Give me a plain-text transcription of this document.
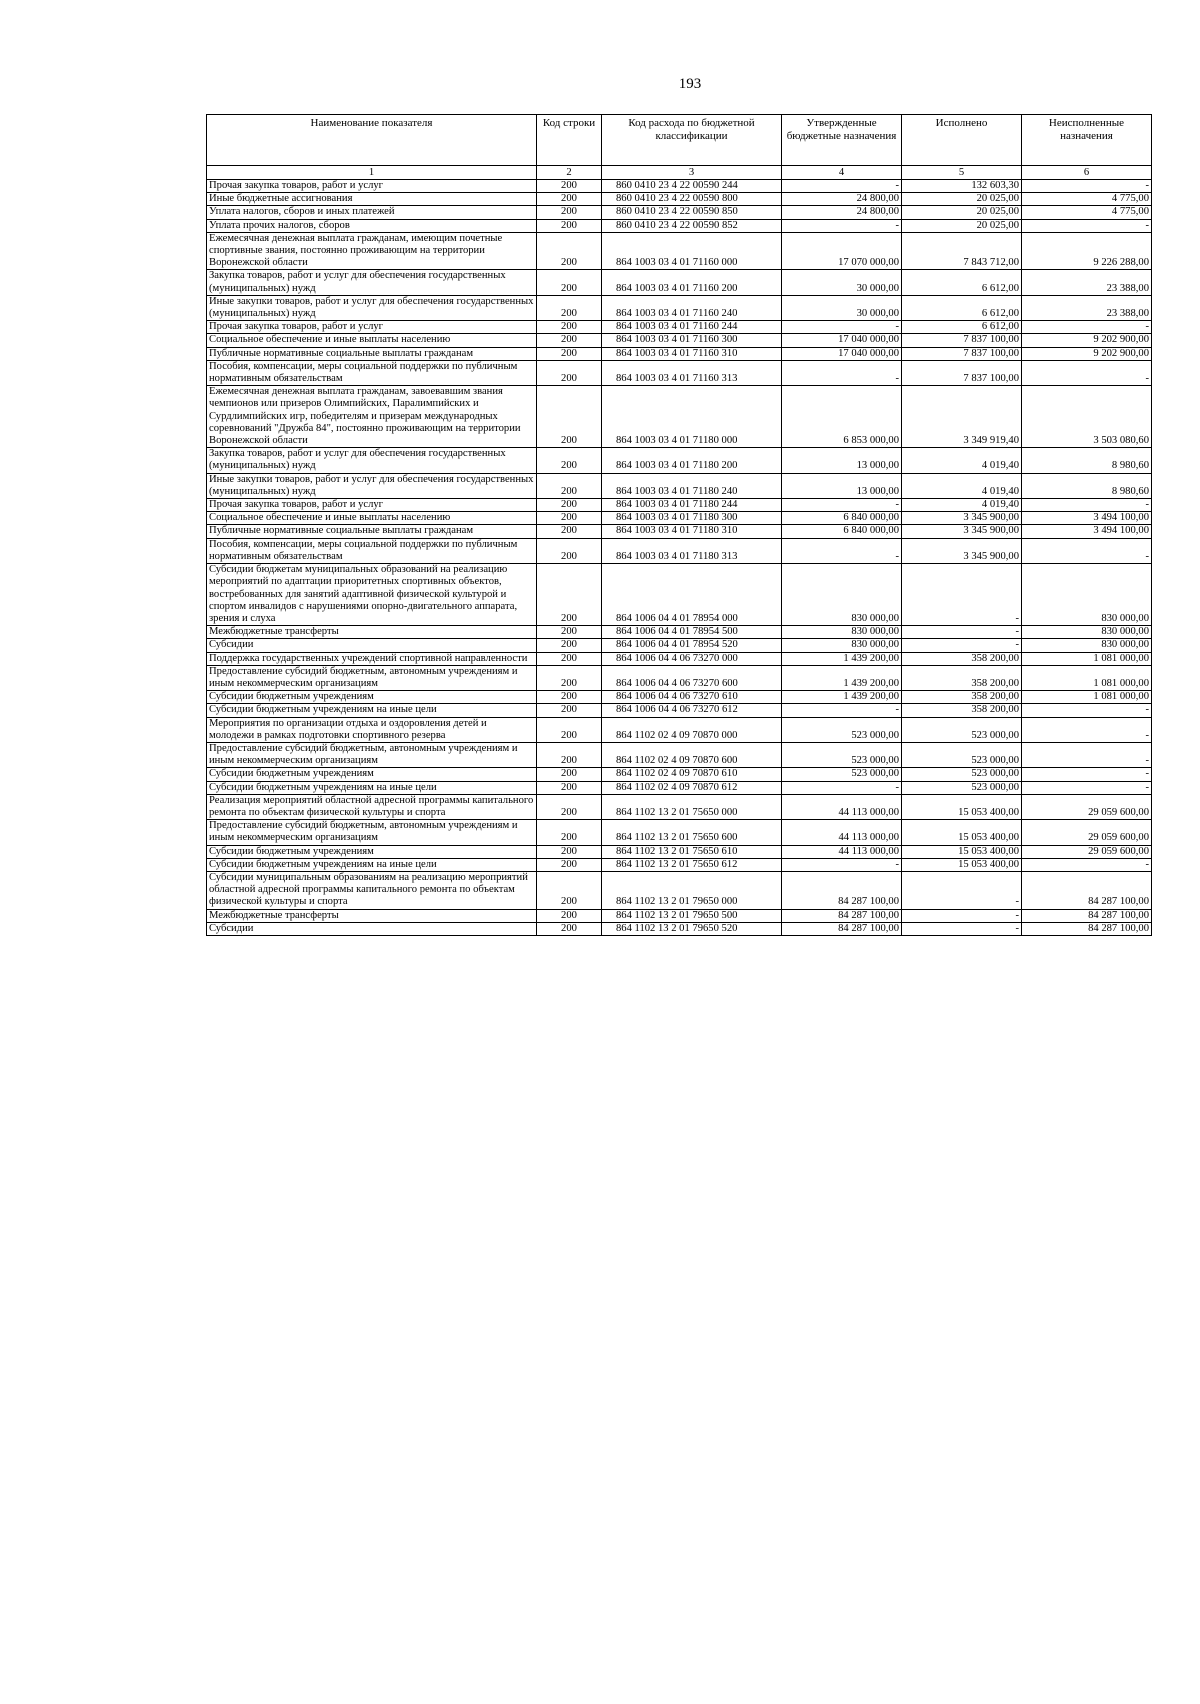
193
Наименование показателя	Код строки	Код расхода по бюджетной классификации	Утвержденные бюджетные назначения	Исполнено	Неисполненные назначения
1	2	3	4	5	6
Прочая закупка товаров, работ и услуг	200	860 0410 23 4 22 00590 244	-	132 603,30	-
Иные бюджетные ассигнования	200	860 0410 23 4 22 00590 800	24 800,00	20 025,00	4 775,00
Уплата налогов, сборов и иных платежей	200	860 0410 23 4 22 00590 850	24 800,00	20 025,00	4 775,00
Уплата прочих налогов, сборов	200	860 0410 23 4 22 00590 852	-	20 025,00	-
Ежемесячная денежная выплата гражданам, имеющим почетные спортивные звания, постоянно проживающим на территории Воронежской области	200	864 1003 03 4 01 71160 000	17 070 000,00	7 843 712,00	9 226 288,00
Закупка товаров, работ и услуг для обеспечения государственных (муниципальных) нужд	200	864 1003 03 4 01 71160 200	30 000,00	6 612,00	23 388,00
Иные закупки товаров, работ и услуг для обеспечения государственных (муниципальных) нужд	200	864 1003 03 4 01 71160 240	30 000,00	6 612,00	23 388,00
Прочая закупка товаров, работ и услуг	200	864 1003 03 4 01 71160 244	-	6 612,00	-
Социальное обеспечение и иные выплаты населению	200	864 1003 03 4 01 71160 300	17 040 000,00	7 837 100,00	9 202 900,00
Публичные нормативные социальные выплаты гражданам	200	864 1003 03 4 01 71160 310	17 040 000,00	7 837 100,00	9 202 900,00
Пособия, компенсации, меры социальной поддержки по публичным нормативным обязательствам	200	864 1003 03 4 01 71160 313	-	7 837 100,00	-
Ежемесячная денежная выплата гражданам, завоевавшим звания чемпионов или призеров Олимпийских, Паралимпийских и Сурдлимпийских игр, победителям и призерам международных соревнований "Дружба 84", постоянно проживающим на территории Воронежской области	200	864 1003 03 4 01 71180 000	6 853 000,00	3 349 919,40	3 503 080,60
Закупка товаров, работ и услуг для обеспечения государственных (муниципальных) нужд	200	864 1003 03 4 01 71180 200	13 000,00	4 019,40	8 980,60
Иные закупки товаров, работ и услуг для обеспечения государственных (муниципальных) нужд	200	864 1003 03 4 01 71180 240	13 000,00	4 019,40	8 980,60
Прочая закупка товаров, работ и услуг	200	864 1003 03 4 01 71180 244	-	4 019,40	-
Социальное обеспечение и иные выплаты населению	200	864 1003 03 4 01 71180 300	6 840 000,00	3 345 900,00	3 494 100,00
Публичные нормативные социальные выплаты гражданам	200	864 1003 03 4 01 71180 310	6 840 000,00	3 345 900,00	3 494 100,00
Пособия, компенсации, меры социальной поддержки по публичным нормативным обязательствам	200	864 1003 03 4 01 71180 313	-	3 345 900,00	-
Субсидии бюджетам муниципальных образований на реализацию мероприятий по адаптации приоритетных спортивных объектов, востребованных для занятий адаптивной физической культурой и спортом инвалидов с нарушениями опорно-двигательного аппарата, зрения и слуха	200	864 1006 04 4 01 78954 000	830 000,00	-	830 000,00
Межбюджетные трансферты	200	864 1006 04 4 01 78954 500	830 000,00	-	830 000,00
Субсидии	200	864 1006 04 4 01 78954 520	830 000,00	-	830 000,00
Поддержка государственных учреждений спортивной направленности	200	864 1006 04 4 06 73270 000	1 439 200,00	358 200,00	1 081 000,00
Предоставление субсидий бюджетным, автономным учреждениям и иным некоммерческим организациям	200	864 1006 04 4 06 73270 600	1 439 200,00	358 200,00	1 081 000,00
Субсидии бюджетным учреждениям	200	864 1006 04 4 06 73270 610	1 439 200,00	358 200,00	1 081 000,00
Субсидии бюджетным учреждениям на иные цели	200	864 1006 04 4 06 73270 612	-	358 200,00	-
Мероприятия по организации отдыха и оздоровления детей и молодежи в рамках подготовки спортивного резерва	200	864 1102 02 4 09 70870 000	523 000,00	523 000,00	-
Предоставление субсидий бюджетным, автономным учреждениям и иным некоммерческим организациям	200	864 1102 02 4 09 70870 600	523 000,00	523 000,00	-
Субсидии бюджетным учреждениям	200	864 1102 02 4 09 70870 610	523 000,00	523 000,00	-
Субсидии бюджетным учреждениям на иные цели	200	864 1102 02 4 09 70870 612	-	523 000,00	-
Реализация мероприятий областной адресной программы капитального ремонта по объектам физической культуры и спорта	200	864 1102 13 2 01 75650 000	44 113 000,00	15 053 400,00	29 059 600,00
Предоставление субсидий бюджетным, автономным учреждениям и иным некоммерческим организациям	200	864 1102 13 2 01 75650 600	44 113 000,00	15 053 400,00	29 059 600,00
Субсидии бюджетным учреждениям	200	864 1102 13 2 01 75650 610	44 113 000,00	15 053 400,00	29 059 600,00
Субсидии бюджетным учреждениям на иные цели	200	864 1102 13 2 01 75650 612	-	15 053 400,00	-
Субсидии муниципальным образованиям на реализацию мероприятий областной адресной программы капитального ремонта по объектам физической культуры и спорта	200	864 1102 13 2 01 79650 000	84 287 100,00	-	84 287 100,00
Межбюджетные трансферты	200	864 1102 13 2 01 79650 500	84 287 100,00	-	84 287 100,00
Субсидии	200	864 1102 13 2 01 79650 520	84 287 100,00	-	84 287 100,00
